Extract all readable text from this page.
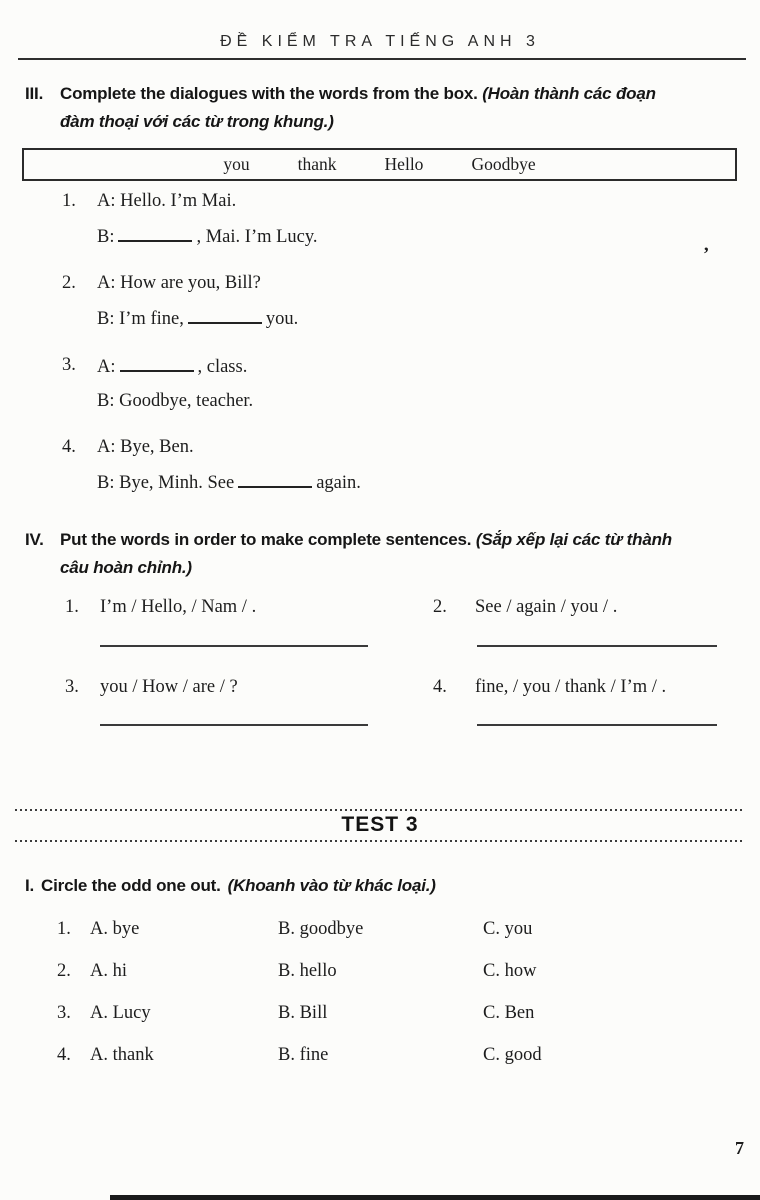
ĐỀ KIỂM TRA TIẾNG ANH 3
III. Complete the dialogues with the words from the box. (Hoàn thành các đoạn
đàm thoại với các từ trong khung.)
you	thank	Hello	Goodbye
1.	A: Hello. I’m Mai.
B:	, Mai. I’m Lucy.
2.	A: How are you, Bill?
B: I’m fine,	you.
3.	A:	, class.
B: Goodbye, teacher.
4.	A: Bye, Ben.
B: Bye, Minh. See	again.
IV. Put the words in order to make complete sentences. (Sắp xếp lại các từ thành
câu hoàn chỉnh.)
1.	I’m / Hello, / Nam / .	2.	See / again / you / .
3.	you / How / are / ?	4.	fine, / you / thank / I’m / .
TEST 3
I. Circle the odd one out. (Khoanh vào từ khác loại.)
1.	A. bye	B. goodbye	C. you
2.	A. hi	B. hello	C. how
3.	A. Lucy	B. Bill	C. Ben
4.	A. thank	B. fine	C. good
7
’
